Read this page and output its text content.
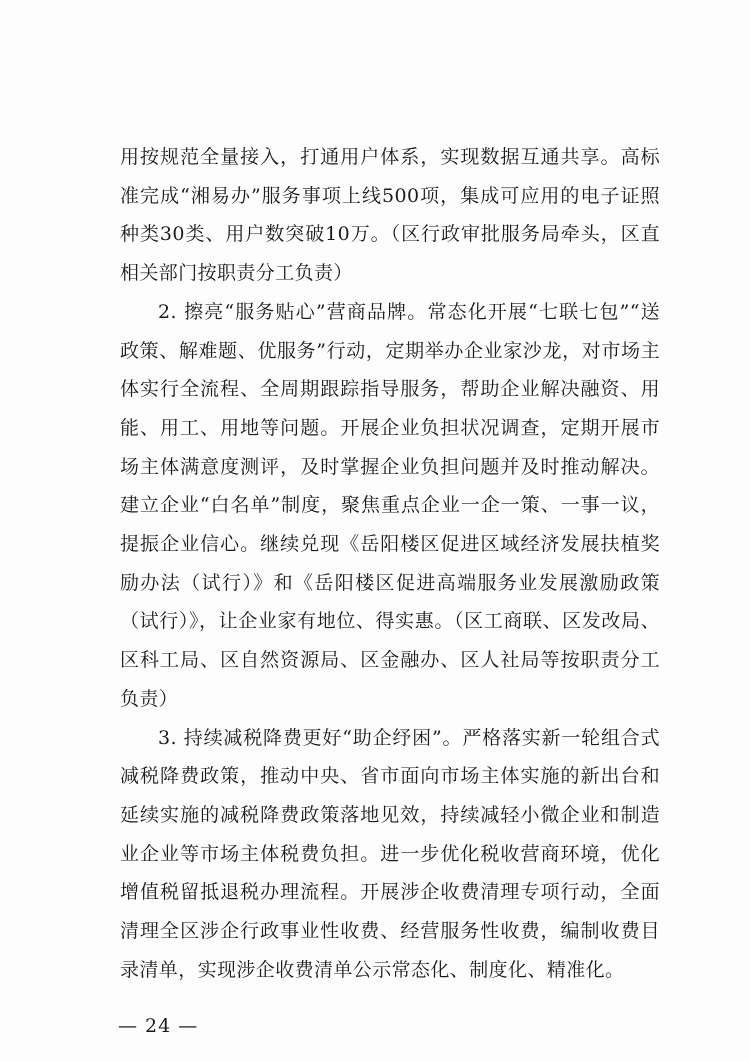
用按规范全量接入，打通用户体系，实现数据互通共享。高标准完成“湘易办”服务事项上线500项，集成可应用的电子证照种类30类、用户数突破10万。（区行政审批服务局牵头，区直相关部门按职责分工负责）

2. 擦亮“服务贴心”营商品牌。常态化开展“七联七包”“送政策、解难题、优服务”行动，定期举办企业家沙龙，对市场主体实行全流程、全周期跟踪指导服务，帮助企业解决融资、用能、用工、用地等问题。开展企业负担状况调查，定期开展市场主体满意度测评，及时掌握企业负担问题并及时推动解决。建立企业“白名单”制度，聚焦重点企业一企一策、一事一议，提振企业信心。继续兑现《岳阳楼区促进区域经济发展扶植奖励办法（试行）》和《岳阳楼区促进高端服务业发展激励政策（试行）》，让企业家有地位、得实惠。（区工商联、区发改局、区科工局、区自然资源局、区金融办、区人社局等按职责分工负责）

3. 持续减税降费更好“助企纾困”。严格落实新一轮组合式减税降费政策，推动中央、省市面向市场主体实施的新出台和延续实施的减税降费政策落地见效，持续减轻小微企业和制造业企业等市场主体税费负担。进一步优化税收营商环境，优化增值税留抵退税办理流程。开展涉企收费清理专项行动，全面清理全区涉企行政事业性收费、经营服务性收费，编制收费目录清单，实现涉企收费清单公示常态化、制度化、精准化。

— 24 —
